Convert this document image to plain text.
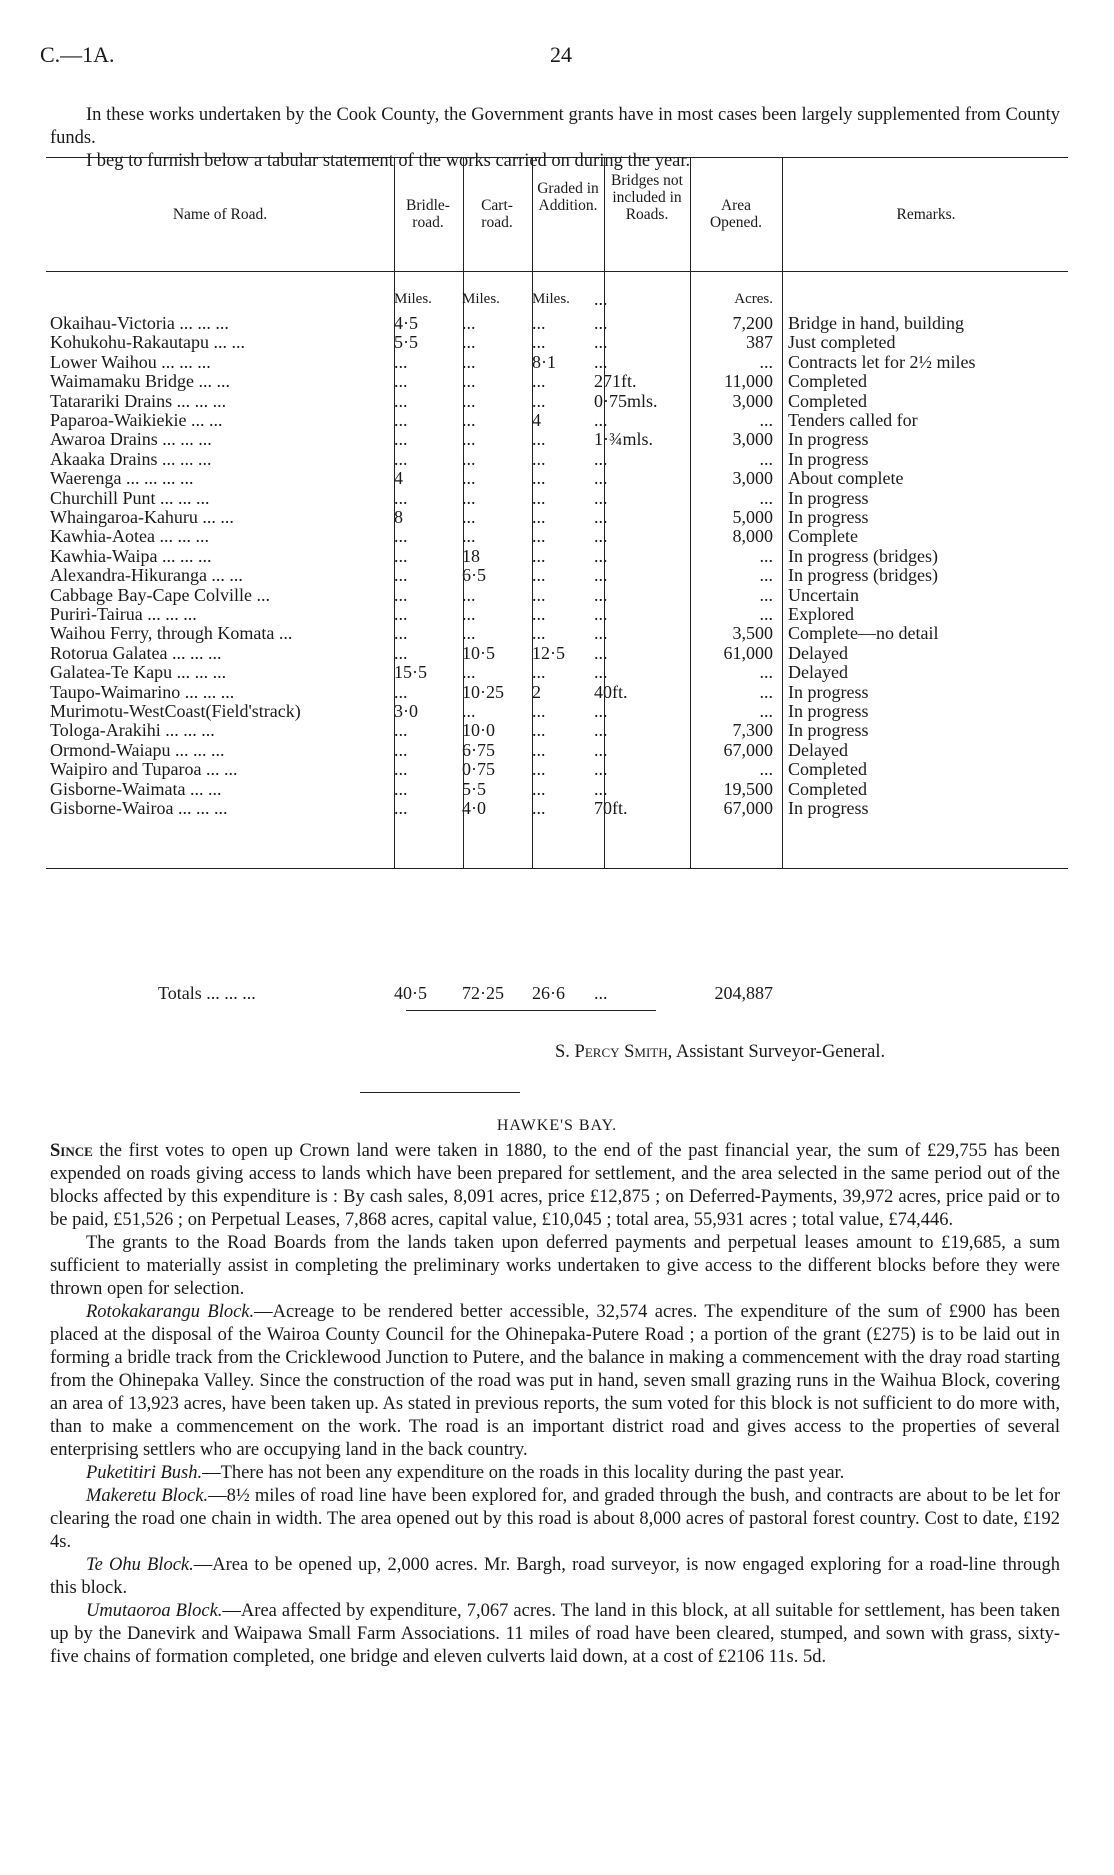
C.—1A.	24

In these works undertaken by the Cook County, the Government grants have in most cases been largely supplemented from County funds.

I beg to furnish below a tabular statement of the works carried on during the year.

Name of Road.
Bridle-road.
Cart-road.
Graded in Addition.
Bridges not included in Roads.
Area Opened.	Remarks.
Miles.	Miles.	Miles.	...	Acres.
Okaihau-Victoria ... ... ...	4·5	...	...	...	7,200 Bridge in hand, building
Kohukohu-Rakautapu ... ...	5·5	...	...	...	387 Just completed
Lower Waihou ... ... ...	...	...	8·1	...	... Contracts let for 2½ miles
Waimamaku Bridge ... ...	...	...	...	271ft.	11,000 Completed
Tatarariki Drains ... ... ...	...	...	...	0·75mls.	3,000 Completed
Paparoa-Waikiekie ... ...	...	...	4	...	... Tenders called for
Awaroa Drains ... ... ...	...	...	...	1·¾mls.	3,000 In progress
Akaaka Drains ... ... ...	...	...	...	...	... In progress
Waerenga ... ... ... ...	4	...	...	...	3,000 About complete
Churchill Punt ... ... ...	...	...	...	...	... In progress
Whaingaroa-Kahuru ... ...	8	...	...	...	5,000 In progress
Kawhia-Aotea ... ... ...	...	...	...	...	8,000 Complete
Kawhia-Waipa ... ... ...	...	18	...	...	... In progress (bridges)
Alexandra-Hikuranga ... ...	...	6·5	...	...	... In progress (bridges)
Cabbage Bay-Cape Colville ...	...	...	...	...	... Uncertain
Puriri-Tairua ... ... ...	...	...	...	...	... Explored
Waihou Ferry, through Komata ...	...	...	...	...	3,500 Complete—no detail
Rotorua Galatea ... ... ...	...	10·5	12·5	...	61,000 Delayed
Galatea-Te Kapu ... ... ...	15·5	...	...	...	... Delayed
Taupo-Waimarino ... ... ...	...	10·25	2	40ft.	... In progress
Murimotu-WestCoast(Field'strack)	3·0	...	...	...	... In progress
Tologa-Arakihi ... ... ...	...	10·0	...	...	7,300 In progress
Ormond-Waiapu ... ... ...	...	6·75	...	...	67,000 Delayed
Waipiro and Tuparoa ... ...	...	0·75	...	...	... Completed
Gisborne-Waimata ... ...	...	5·5	...	...	19,500 Completed
Gisborne-Wairoa ... ... ...	...	4·0	...	70ft.	67,000 In progress
Totals ... ... ...	40·5	72·25	26·6	...	204,887
S. Percy Smith, Assistant Surveyor-General.
HAWKE'S BAY.

Since the first votes to open up Crown land were taken in 1880, to the end of the past financial year, the sum of £29,755 has been expended on roads giving access to lands which have been prepared for settlement, and the area selected in the same period out of the blocks affected by this expenditure is : By cash sales, 8,091 acres, price £12,875 ; on Deferred-Payments, 39,972 acres, price paid or to be paid, £51,526 ; on Perpetual Leases, 7,868 acres, capital value, £10,045 ; total area, 55,931 acres ; total value, £74,446.

The grants to the Road Boards from the lands taken upon deferred payments and perpetual leases amount to £19,685, a sum sufficient to materially assist in completing the preliminary works undertaken to give access to the different blocks before they were thrown open for selection.

Rotokakarangu Block.—Acreage to be rendered better accessible, 32,574 acres. The expenditure of the sum of £900 has been placed at the disposal of the Wairoa County Council for the Ohinepaka-Putere Road ; a portion of the grant (£275) is to be laid out in forming a bridle track from the Cricklewood Junction to Putere, and the balance in making a commencement with the dray road starting from the Ohinepaka Valley. Since the construction of the road was put in hand, seven small grazing runs in the Waihua Block, covering an area of 13,923 acres, have been taken up. As stated in previous reports, the sum voted for this block is not sufficient to do more with, than to make a commencement on the work. The road is an important district road and gives access to the properties of several enterprising settlers who are occupying land in the back country.

Puketitiri Bush.—There has not been any expenditure on the roads in this locality during the past year.

Makeretu Block.—8½ miles of road line have been explored for, and graded through the bush, and contracts are about to be let for clearing the road one chain in width. The area opened out by this road is about 8,000 acres of pastoral forest country. Cost to date, £192 4s.

Te Ohu Block.—Area to be opened up, 2,000 acres. Mr. Bargh, road surveyor, is now engaged exploring for a road-line through this block.

Umutaoroa Block.—Area affected by expenditure, 7,067 acres. The land in this block, at all suitable for settlement, has been taken up by the Danevirk and Waipawa Small Farm Associations. 11 miles of road have been cleared, stumped, and sown with grass, sixty-five chains of formation completed, one bridge and eleven culverts laid down, at a cost of £2106 11s. 5d.
